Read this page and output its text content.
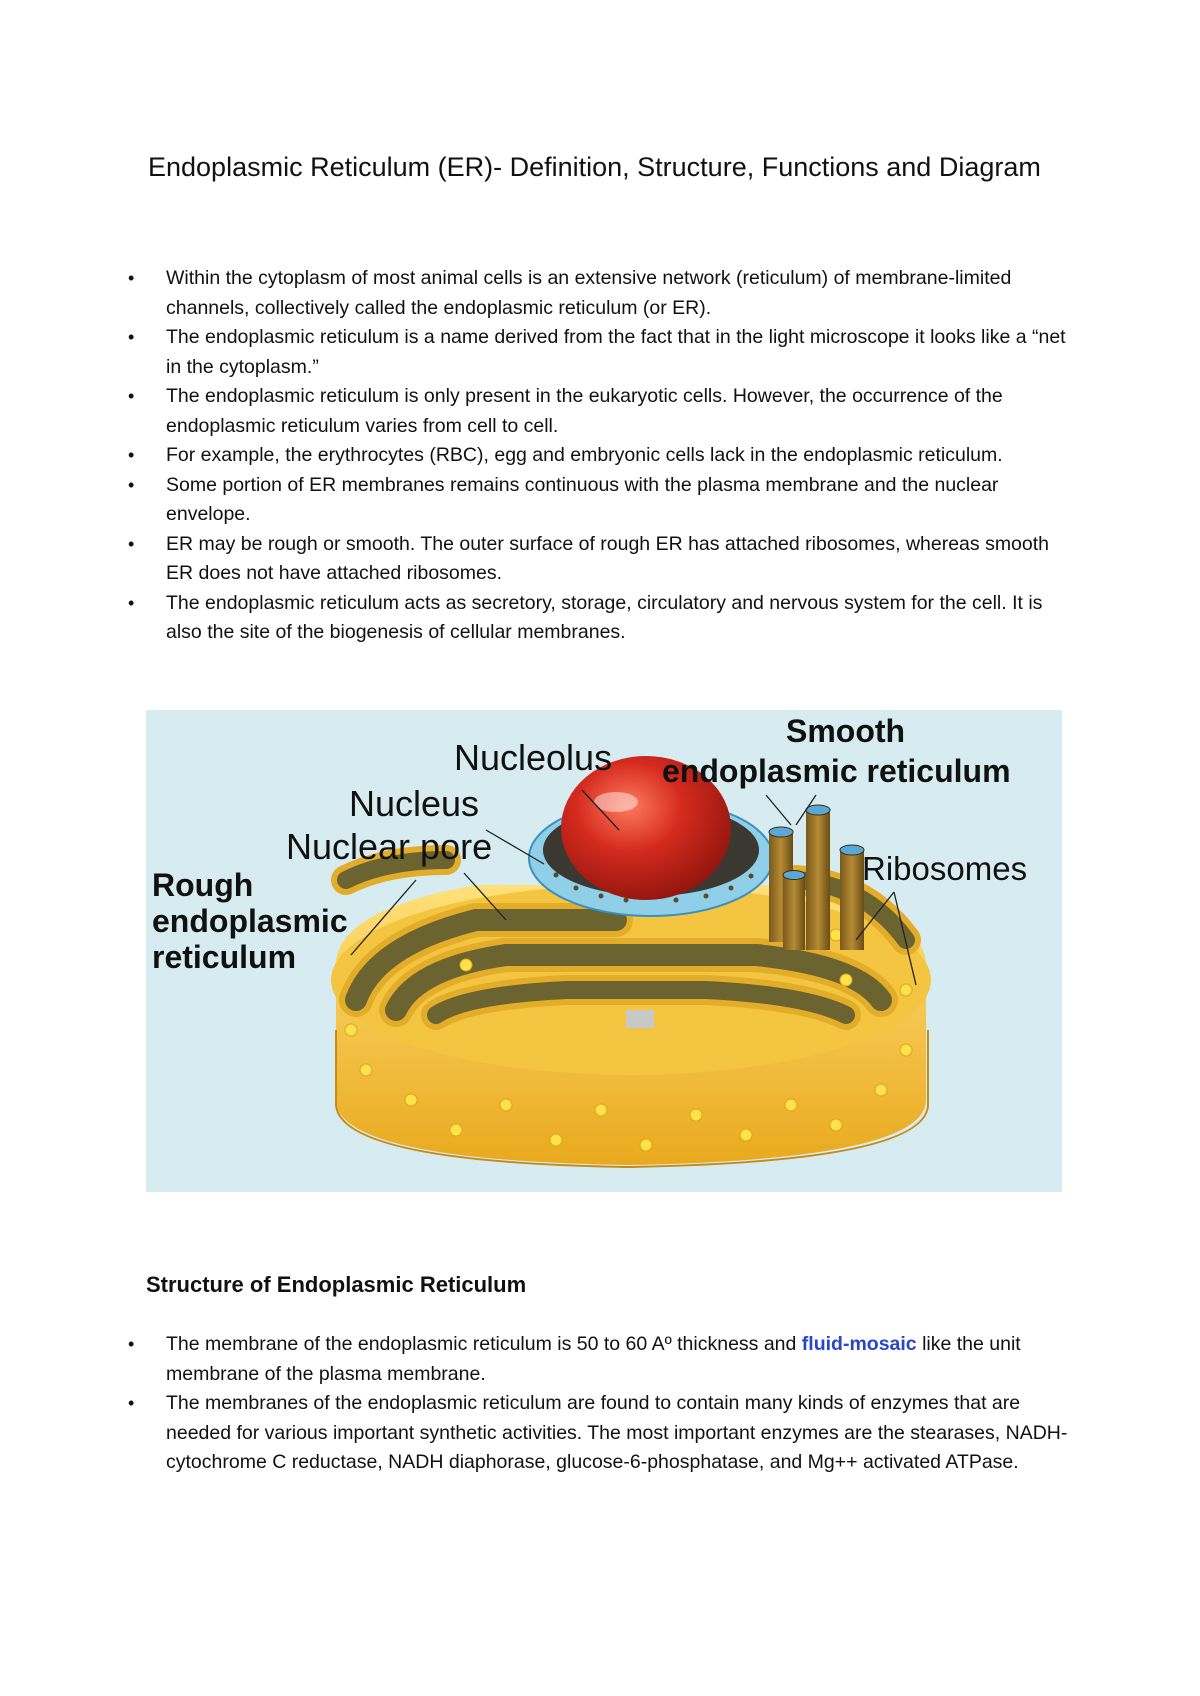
Endoplasmic Reticulum (ER)- Definition, Structure, Functions and Diagram
• Within the cytoplasm of most animal cells is an extensive network (reticulum) of membrane-limited channels, collectively called the endoplasmic reticulum (or ER).
• The endoplasmic reticulum is a name derived from the fact that in the light microscope it looks like a “net in the cytoplasm.”
• The endoplasmic reticulum is only present in the eukaryotic cells. However, the occurrence of the endoplasmic reticulum varies from cell to cell.
• For example, the erythrocytes (RBC), egg and embryonic cells lack in the endoplasmic reticulum.
• Some portion of ER membranes remains continuous with the plasma membrane and the nuclear envelope.
• ER may be rough or smooth. The outer surface of rough ER has attached ribosomes, whereas smooth ER does not have attached ribosomes.
• The endoplasmic reticulum acts as secretory, storage, circulatory and nervous system for the cell. It is also the site of the biogenesis of cellular membranes.
Nucleolus
Nucleus
Nuclear pore
Rough
endoplasmic
reticulum
Smooth
endoplasmic reticulum
Ribosomes
Structure of Endoplasmic Reticulum
• The membrane of the endoplasmic reticulum is 50 to 60 Aº thickness and fluid-mosaic like the unit membrane of the plasma membrane.
• The membranes of the endoplasmic reticulum are found to contain many kinds of enzymes that are needed for various important synthetic activities. The most important enzymes are the stearases, NADH-cytochrome C reductase, NADH diaphorase, glucose-6-phosphatase, and Mg++ activated ATPase.
